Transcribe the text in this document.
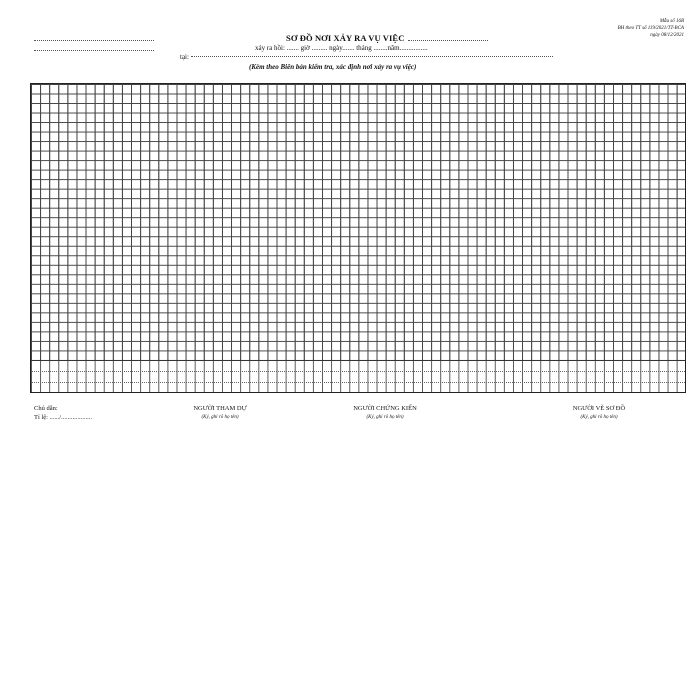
Mẫu số 16B
BH theo TT số 119/2021/TT-BCA
ngày 08/12/2021
SƠ ĐỒ NƠI XẢY RA VỤ VIỆC
xảy ra hồi: ....... giờ ......... ngày....... tháng ........năm................
tại:
(Kèm theo Biên bản kiểm tra, xác định nơi xảy ra vụ việc)
Chú dẫn:
Tỉ lệ: ....../...................
NGƯỜI THAM DỰ
(Ký, ghi rõ họ tên)
NGƯỜI CHỨNG KIẾN
(Ký, ghi rõ họ tên)
NGƯỜI VẼ SƠ ĐỒ
(Ký, ghi rõ họ tên)
